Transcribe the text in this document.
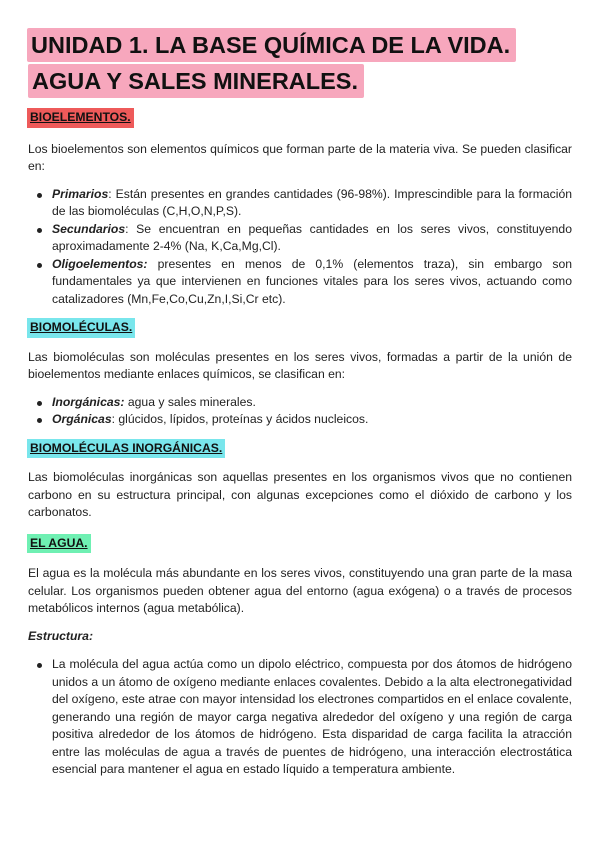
UNIDAD 1. LA BASE QUÍMICA DE LA VIDA.
AGUA Y SALES MINERALES.
BIOELEMENTOS.

Los bioelementos son elementos químicos que forman parte de la materia viva. Se pueden clasificar en:

Primarios: Están presentes en grandes cantidades (96-98%). Imprescindible para la formación de las biomoléculas (C,H,O,N,P,S).
Secundarios: Se encuentran en pequeñas cantidades en los seres vivos, constituyendo aproximadamente 2-4% (Na, K,Ca,Mg,Cl).
Oligoelementos: presentes en menos de 0,1% (elementos traza), sin embargo son fundamentales ya que intervienen en funciones vitales para los seres vivos, actuando como catalizadores (Mn,Fe,Co,Cu,Zn,I,Si,Cr etc).
BIOMOLÉCULAS.

Las biomoléculas son moléculas presentes en los seres vivos, formadas a partir de la unión de bioelementos mediante enlaces químicos, se clasifican en:

Inorgánicas: agua y sales minerales.
Orgánicas: glúcidos, lípidos, proteínas y ácidos nucleicos.
BIOMOLÉCULAS INORGÁNICAS.

Las biomoléculas inorgánicas son aquellas presentes en los organismos vivos que no contienen carbono en su estructura principal, con algunas excepciones como el dióxido de carbono y los carbonatos.

EL AGUA.

El agua es la molécula más abundante en los seres vivos, constituyendo una gran parte de la masa celular. Los organismos pueden obtener agua del entorno (agua exógena) o a través de procesos metabólicos internos (agua metabólica).

Estructura:

La molécula del agua actúa como un dipolo eléctrico, compuesta por dos átomos de hidrógeno unidos a un átomo de oxígeno mediante enlaces covalentes. Debido a la alta electronegatividad del oxígeno, este atrae con mayor intensidad los electrones compartidos en el enlace covalente, generando una región de mayor carga negativa alrededor del oxígeno y una región de carga positiva alrededor de los átomos de hidrógeno. Esta disparidad de carga facilita la atracción entre las moléculas de agua a través de puentes de hidrógeno, una interacción electrostática esencial para mantener el agua en estado líquido a temperatura ambiente.
